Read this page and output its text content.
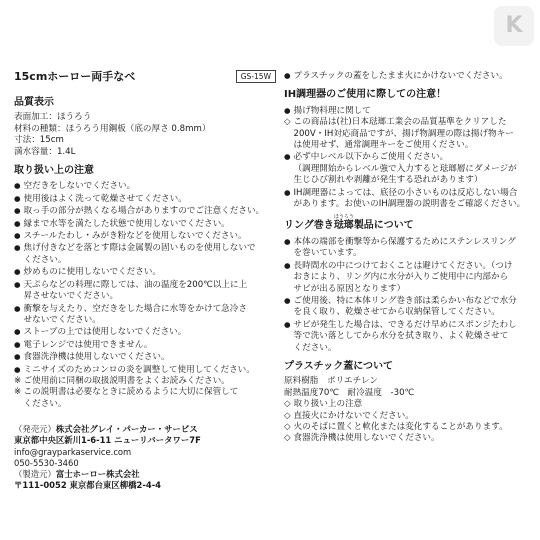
K
15cmホーロー両手なべ	GS-15W
品質表示
表面加工：ほうろう
材料の種類：ほうろう用鋼板（底の厚さ 0.8mm）
寸法：15cm
満水容量：1.4L
取り扱い上の注意
● 空だきをしないでください。
● 使用後はよく洗って乾燥させてください。
● 取っ手の部分が熱くなる場合がありますのでご注意ください。
● 縁まで水等を満たした状態で使用しないでください。
● スチールたわし・みがき粉などを使用しないでください。
● 焦げ付きなどを落とす際は金属製の固いものを使用しないで
ください。
● 炒めものに使用しないでください。
● 天ぷらなどの料理に際しては、油の温度を200℃以上に上
昇させないでください。
● 衝撃を与えたり、空だきをした場合に水等をかけて急冷さ
せないでください。
● ストーブの上では使用しないでください。
● 電子レンジでは使用できません。
● 食器洗浄機は使用しないでください。
● ミニサイズのためコンロの炎を調整して使用してください。
※ ご使用前に同梱の取扱説明書をよくお読みください。
※ この説明書は必要なときに読めるように大切に保管して
ください。
（発売元）株式会社グレイ・パーカー・サービス
東京都中央区新川1-6-11 ニューリバータワー7F
info@grayparkaservice.com
050-5530-3460
（製造元）富士ホーロー株式会社
〒111-0052 東京都台東区柳橋2-4-4
● プラスチックの蓋をしたまま火にかけないでください。
IH調理器のご使用に際しての注意！
● 揚げ物料理に関して
◇ この商品は(社)日本琺瑯工業会の品質基準をクリアした
200V・IH対応商品ですが、揚げ物調理の際は揚げ物キー
は使用せず、通常調理キーをご使用ください。
● 必ず中レベル以下からご使用ください。
（調理開始からレベル強で入力すると琺瑯層にダメージが
生じひび割れや剥離が発生する恐れがあります）
● IH調理器によっては、底径の小さいものは反応しない場合
があります。お使いのIH調理器の説明書をご確認ください。
リング巻き
ほうろう
琺瑯製品について
● 本体の端部を衝撃等から保護するためにステンレスリング
を巻いています。
● 長時間水の中につけておくことは避けてください。（つけ
おきにより、リング内に水分が入りご使用中に内部から
サビが出る原因となります）
● ご使用後、特に本体リング巻き部は柔らかい布などで水分
を良く取り、乾燥させてから収納保管してください。
● サビが発生した場合は、できるだけ早めにスポンジたわし
等で洗い落としてから水分を拭き取り、よく乾燥させて
ください。
プラスチック蓋について
原料樹脂　ポリエチレン
耐熱温度70℃　耐冷温度　-30℃
◇ 取り扱い上の注意
◇ 直接火にかけないでください。
◇ 火のそばに置くと軟化または変化することがあります。
◇ 食器洗浄機は使用しないでください。
